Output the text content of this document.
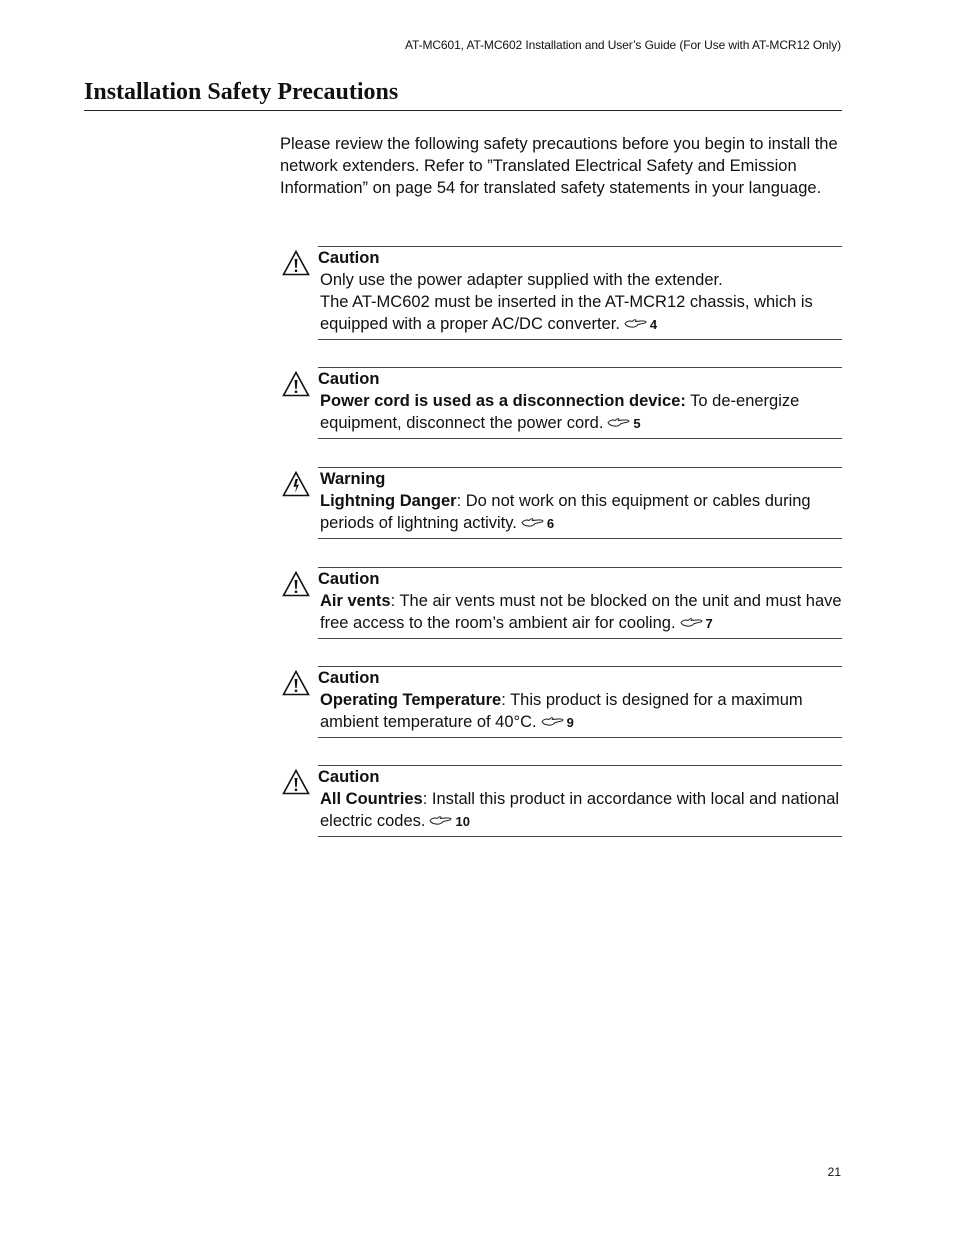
AT-MC601, AT-MC602 Installation and User’s Guide (For Use with AT-MCR12 Only)
Installation Safety Precautions

Please review the following safety precautions before you begin to install the network extenders. Refer to ”Translated Electrical Safety and Emission Information” on page 54 for translated safety statements in your language.

Caution
Only use the power adapter supplied with the extender.
The AT-MC602 must be inserted in the AT-MCR12 chassis, which is equipped with a proper AC/DC converter. 4
Caution
Power cord is used as a disconnection device: To de-energize equipment, disconnect the power cord. 5
Warning
Lightning Danger: Do not work on this equipment or cables during periods of lightning activity. 6
Caution
Air vents: The air vents must not be blocked on the unit and must have free access to the room’s ambient air for cooling. 7
Caution
Operating Temperature: This product is designed for a maximum ambient temperature of 40°C. 9
Caution
All Countries: Install this product in accordance with local and national electric codes. 10
21
